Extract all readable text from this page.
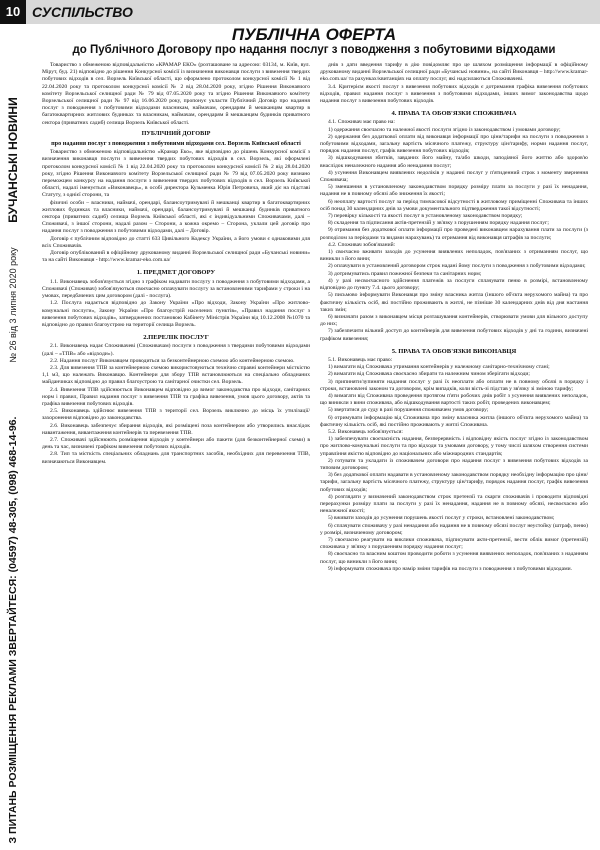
10 СУСПІЛЬСТВО
БУЧАНСЬКІ НОВИНИ
№ 26 від 3 липня 2020 року
З ПИТАНЬ РОЗМІЩЕННЯ РЕКЛАМИ ЗВЕРТАЙТЕСЯ: (04597) 48-305, (098) 468-14-96.
ПУБЛІЧНА ОФЕРТА
до Публічного Договору про надання послуг з поводження з побутовими відходами

Товариство з обмеженою відповідальністю «КРАМАР ЕКО» (розташоване за адресою: 03134, м. Київ, вул. Мірут, буд. 21) відповідно до рішення Конкурсної комісії із визначення виконавця послуги з вивезення твердих побутових відходів в сел. Ворзель Київської області, що оформлено протоколом конкурсної комісії № 1 від 22.04.2020 року та протоколом конкурсної комісії № 2 від 28.04.2020 року, згідно Рішення Виконавчого комітету Ворзельської селищної ради № 79 від 07.05.2020 року та згідно Рішення Виконавчого комітету Ворзельської селищної ради № 97 від 16.06.2020 року, пропонує укласти Публічний Договір про надання послуг з поводження з побутовими відходами власникам, наймачам, орендарям й мешканцям квартир в багатоквартирних житлових будинках та власникам, наймачам, орендарям й мешканцям будинків приватного сектора (приватних садиб) селища Ворзель Київської області.

ПУБЛІЧНИЙ ДОГОВІР

про надання послуг з поводження з побутовими відходами сел. Ворзель Київської області

Товариство з обмеженою відповідальністю «Крамар Еко», яке відповідно до рішень Конкурсної комісії з визначення виконавця послуги з вивезення твердих побутових відходів в сел. Ворзель, які оформлені протоколом конкурсної комісії № 1 від 22.04.2020 року та протоколом конкурсної комісії № 2 від 28.04.2020 року, згідно Рішення Виконавчого комітету Ворзельської селищної ради № 79 від 07.05.2020 року визнано переможцем конкурсу на надання послуги з вивезення твердих побутових відходів в сел. Ворзель Київської області, надалі іменується «Виконавець», в особі директора Кузьменка Юрія Петровича, який діє на підставі Статуту, з однієї сторони, та

фізичні особи – власники, наймачі, орендарі, балансоутримувачі й мешканці квартир в багатоквартирних житлових будинках та власники, наймачі, орендарі, балансоутримувачі й мешканці будинків приватного сектора (приватних садиб) селища Ворзель Київської області, які є індивідуальними Споживачами, далі – Споживачі, з іншої сторони, надалі разом – Сторони, а кожна окремо – Сторона, уклали цей договір про надання послуг з поводження з побутовими відходами, далі – Договір.

Договір є публічним відповідно до статті 633 Цивільного Кодексу України, а його умови є однаковими для всіх Споживачів.

Договір опублікований в офіційному друкованому виданні Ворзельської селищної ради «Бучанські новини» та на сайті Виконавця - http://www.kramar-eko.com.ua/

1. ПРЕДМЕТ ДОГОВОРУ

1.1. Виконавець зобов'язується згідно з графіком надавати послугу з поводження з побутовими відходами, а Споживачі (Споживач) зобов'язуються своєчасно оплачувати послугу за встановленими тарифами у строки і на умовах, передбачених цим договором (далі - послуга).

1.2. Послуга надається відповідно до Закону України «Про відходи, Закону України «Про житлово-комунальні послуги», Закону України «Про благоустрій населених пунктів», «Правил надання послуг з вивезення побутових відходів», затверджених постановою Кабінету Міністрів України від 10.12.2008 №1070 та відповідно до правил благоустрою на території селища Ворзель.

2.ПЕРЕЛІК ПОСЛУГ

2.1. Виконавець надає Споживачеві (Споживачам) послуги з поводження з твердими побутовими відходами (далі – «ТПВ» або «відходи»).

2.2. Надання послуг Виконавцем проводиться за безконтейнерною схемою або контейнерною схемою.

2.3. Для вивезення ТПВ за контейнерною схемою використовуються технічно справні контейнери місткістю 1,1 м3, що належать Виконавцю. Контейнери для збору ТПВ встановлюються на спеціально обладнаних майданчиках відповідно до правил благоустрою та санітарної очистки сел. Ворзель.

2.4. Вивезення ТПВ здійснюється Виконавцем відповідно до вимог законодавства про відходи, санітарних норм і правил, Правил надання послуг з вивезення ТПВ та графіка вивезення, умов цього договору, актів та графіка вивезення побутових відходів.

2.5. Виконавець здійснює вивезення ТПВ з території сел. Ворзель виключно до місць їх утилізації/захоронення відповідно до законодавства.

2.6. Виконавець забезпечує збирання відходів, які розміщені поза контейнером або утворились внаслідок навантаження, вивантаження контейнерів та перевезення ТПВ.

2.7. Споживачі здійснюють розміщення відходів у контейнери або пакети (для безконтейнерної схеми) в день та час, визначені графіком вивезення побутових відходів.

2.8. Тип та місткість спеціальних обладнань для транспортних засобів, необхідних для перевезення ТПВ, визначаються Виконавцем.

днів з дати введення тарифу в дію повідомляє про це шляхом розміщення інформації в офіційному друкованому виданні Ворзельської селищної ради «Бучанські новини», на сайті Виконавця – http://www.kramar-eko.com.ua/ та рахунках/квитанціях на оплату послуг, які надсилаються Споживачеві.

3.4. Критерієм якості послуг з вивезення побутових відходів є дотримання графіка вивезення побутових відходів, правил надання послуг з вивезення з побутовими відходами, інших вимог законодавства щодо надання послуг з вивезення побутових відходів.

4. ПРАВА ТА ОБОВ'ЯЗКИ СПОЖИВАЧА

4.1. Споживач має право на:

1) одержання своєчасно та належної якості послуги згідно із законодавством і умовами договору;

2) одержання без додаткової оплати від виконавця інформації про ціни/тарифи на послуги з поводження з побутовими відходами, загальну вартість місячного платежу, структуру цін/тарифу, норми надання послуг, порядок надання послуг, графік вивезення побутових відходів;

3) відшкодування збитків, завданих його майну, та/або шкоди, заподіяної його життю або здоров'ю внаслідок неналежного надання або ненадання послуг;

4) усунення Виконавцем виявлених недоліків у наданні послуг у п'ятиденний строк з моменту звернення Споживача;

5) зменшення в установленому законодавством порядку розміру плати за послуги у разі їх ненадання, надання не в повному обсязі або зниження їх якості;

6) неоплату вартості послуг за період тимчасової відсутності в житловому приміщенні Споживача та інших осіб понад 30 календарних днів за умови документального підтвердження такої відсутності;

7) перевірку кількості та якості послуг в установленому законодавством порядку;

8) складення та підписання актів-претензій у зв'язку з порушенням порядку надання послуг;

9) отримання без додаткової оплати інформації про проведені виконавцем нарахування плати за послуги (з розподілом за періодами та видами нарахувань) та отримання від виконавця штрафів за послуги;

4.2. Споживач зобов'язаний:

1) своєчасно вживати заходів до усунення виявлених неполадок, пов'язаних з отриманням послуг, що виникли з його вини;

2) оплачувати в установлений договором строк надані йому послуги з поводження з побутовими відходами;

3) дотримуватись правил пожежної безпеки та санітарних норм;

4) у разі несвоєчасного здійснення платежів за послуги сплачувати пеню в розмірі, встановленому відповідно до пункту 7.4. цього договору;

5) письмово інформувати Виконавця про зміну власника житла (іншого об'єкта нерухомого майна) та про фактичну кількість осіб, які постійно проживають в житлі, не пізніше 30 календарних днів від дня настання таких змін;

6) визначати разом з виконавцем місця розташування контейнерів, створювати умови для вільного доступу до них;

7) забезпечити вільний доступ до контейнерів для вивезення побутових відходів у дні та години, визначені графіком вивезення;

5. ПРАВА ТА ОБОВ'ЯЗКИ ВИКОНАВЦЯ

5.1. Виконавець має право:

1) вимагати від Споживача утримання контейнерів у належному санітарно-технічному стані;

2) вимагати від Споживача своєчасно збирати та належним чином зберігати відходи;

3) припиняти/зупиняти надання послуг у разі їх неоплати або оплати не в повному обсязі в порядку і строки, встановлені законом та договором, крім випадків, коли вість-зі підстав у зв'язку зі зміною тарифу;

4) вимагати від Споживача проведення протягом п'яти робочих днів робіт з усунення виявлених неполадок, що виникли з вини споживача, або відшкодування вартості таких робіт, проведених виконавцем;

5) звертатися до суду в разі порушення споживачем умов договору;

6) отримувати інформацію від Споживача про зміну власника житла (іншого об'єкта нерухомого майна) та фактичну кількість осіб, які постійно проживають у житлі Споживача.

5.2. Виконавець зобов'язується:

1) забезпечувати своєчасність надання, безперервність і відповідну якість послуг згідно із законодавством про житлово-комунальні послуги та про відходи та умовами договору, у тому числі шляхом створення системи управління якістю відповідно до національних або міжнародних стандартів;

2) готувати та укладати із споживачем договори про надання послуг з вивезення побутових відходів за типовим договором;

3) без додаткової оплати надавати в установленому законодавством порядку необхідну інформацію про ціни/тарифи, загальну вартість місячного платежу, структуру цін/тарифу, порядок надання послуг, графік вивезення побутових відходів;

4) розглядати у визначений законодавством строк претензії та скарги споживачів і проводити відповідні перерахунки розміру плати за послуги у разі їх ненадання, надання не в повному обсязі, несвоєчасно або неналежної якості;

5) вживати заходів до усунення порушень якості послуг у строки, встановлені законодавством;

6) сплачувати споживачу у разі ненадання або надання не в повному обсязі послуг неустойку (штраф, пеню) у розмірі, визначеному договором;

7) своєчасно реагувати на виклики споживача, підписувати акти-претензії, вести облік вимог (претензій) споживача у зв'язку з порушенням порядку надання послуг;

8) своєчасно та власним коштом проводити роботи з усунення виявлених неполадок, пов'язаних з наданням послуг, що виникли з його вини;

9) інформувати споживача про намір зміни тарифів на послуги з поводження з побутовими відходами.
